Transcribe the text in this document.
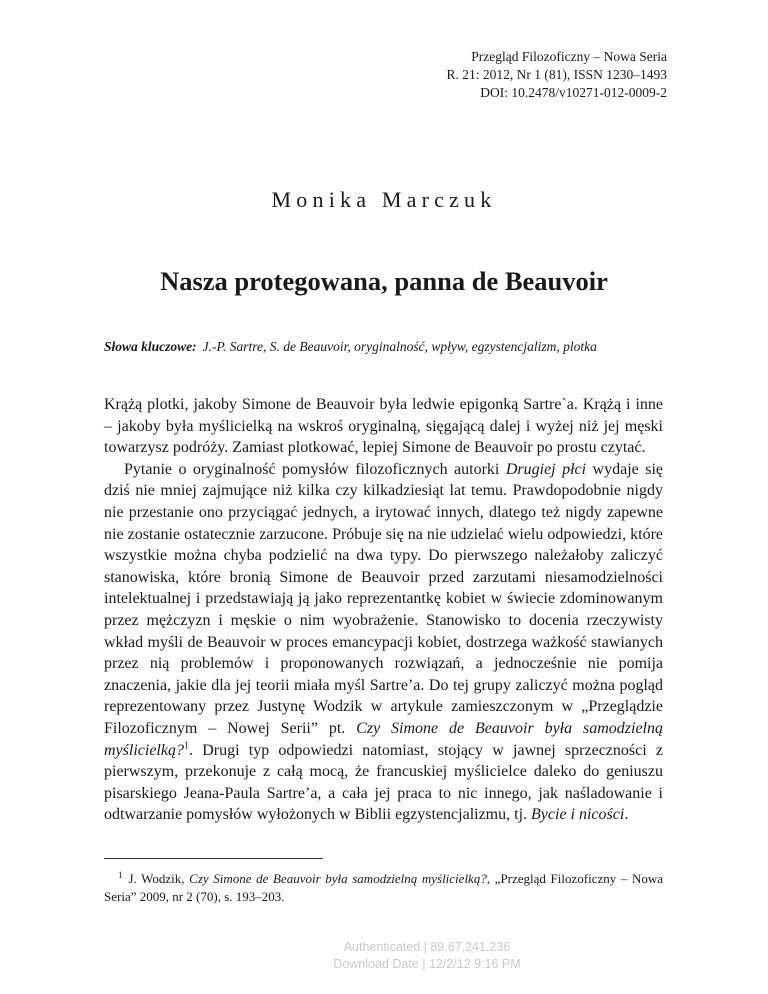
Przegląd Filozoficzny – Nowa Seria
R. 21: 2012, Nr 1 (81), ISSN 1230–1493
DOI: 10.2478/v10271-012-0009-2
Monika Marczuk
Nasza protegowana, panna de Beauvoir
Słowa kluczowe: J.-P. Sartre, S. de Beauvoir, oryginalność, wpływ, egzystencjalizm, plotka

Krążą plotki, jakoby Simone de Beauvoir była ledwie epigonką Sartre`a. Krążą i inne – jakoby była myślicielką na wskroś oryginalną, sięgającą dalej i wyżej niż jej męski towarzysz podróży. Zamiast plotkować, lepiej Simone de Beauvoir po prostu czytać.

Pytanie o oryginalność pomysłów filozoficznych autorki Drugiej płci wydaje się dziś nie mniej zajmujące niż kilka czy kilkadziesiąt lat temu. Prawdopodobnie nigdy nie przestanie ono przyciągać jednych, a irytować innych, dlatego też nigdy zapewne nie zostanie ostatecznie zarzucone. Próbuje się na nie udzielać wielu odpowiedzi, które wszystkie można chyba podzielić na dwa typy. Do pierwszego należałoby zaliczyć stanowiska, które bronią Simone de Beauvoir przed zarzutami niesamodzielności intelektualnej i przedstawiają ją jako reprezentantkę kobiet w świecie zdominowanym przez mężczyzn i męskie o nim wyobrażenie. Stanowisko to docenia rzeczywisty wkład myśli de Beauvoir w proces emancypacji kobiet, dostrzega ważkość stawianych przez nią problemów i proponowanych rozwiązań, a jednocześnie nie pomija znaczenia, jakie dla jej teorii miała myśl Sartre’a. Do tej grupy zaliczyć można pogląd reprezentowany przez Justynę Wodzik w artykule zamieszczonym w „Przeglądzie Filozoficznym – Nowej Serii” pt. Czy Simone de Beauvoir była samodzielną myślicielką?$^1$. Drugi typ odpowiedzi natomiast, stojący w jawnej sprzeczności z pierwszym, przekonuje z całą mocą, że francuskiej myślicielce daleko do geniuszu pisarskiego Jeana-Paula Sartre’a, a cała jej praca to nic innego, jak naśladowanie i odtwarzanie pomysłów wyłożonych w Biblii egzystencjalizmu, tj. Bycie i nicości.

$^1$ J. Wodzik, Czy Simone de Beauvoir była samodzielną myślicielką?, „Przegląd Filozoficzny – Nowa Seria” 2009, nr 2 (70), s. 193–203.
Authenticated | 89.67.241.236
Download Date | 12/2/12 9:16 PM
